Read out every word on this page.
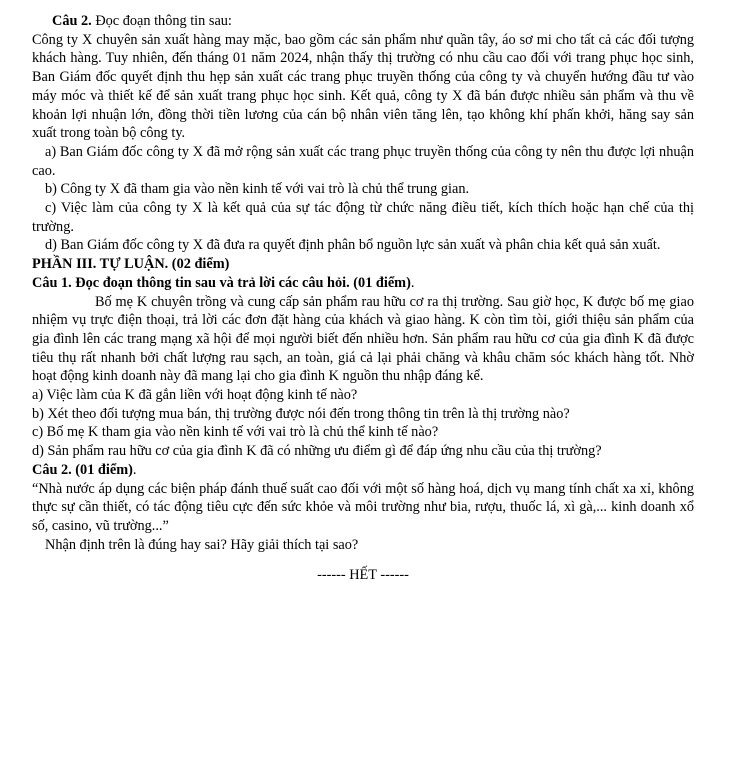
Câu 2. Đọc đoạn thông tin sau:

Công ty X chuyên sản xuất hàng may mặc, bao gồm các sản phẩm như quần tây, áo sơ mi cho tất cả các đối tượng khách hàng. Tuy nhiên, đến tháng 01 năm 2024, nhận thấy thị trường có nhu cầu cao đối với trang phục học sinh, Ban Giám đốc quyết định thu hẹp sản xuất các trang phục truyền thống của công ty và chuyển hướng đầu tư vào máy móc và thiết kế để sản xuất trang phục học sinh. Kết quả, công ty X đã bán được nhiều sản phẩm và thu về khoản lợi nhuận lớn, đồng thời tiền lương của cán bộ nhân viên tăng lên, tạo không khí phấn khởi, hăng say sản xuất trong toàn bộ công ty.

a) Ban Giám đốc công ty X đã mở rộng sản xuất các trang phục truyền thống của công ty nên thu được lợi nhuận cao.

b) Công ty X đã tham gia vào nền kinh tế với vai trò là chủ thể trung gian.

c) Việc làm của công ty X là kết quả của sự tác động từ chức năng điều tiết, kích thích hoặc hạn chế của thị trường.

d) Ban Giám đốc công ty X đã đưa ra quyết định phân bổ nguồn lực sản xuất và phân chia kết quả sản xuất.

PHẦN III. TỰ LUẬN. (02 điểm)

Câu 1. Đọc đoạn thông tin sau và trả lời các câu hỏi. (01 điểm).

Bố mẹ K chuyên trồng và cung cấp sản phẩm rau hữu cơ ra thị trường. Sau giờ học, K được bố mẹ giao nhiệm vụ trực điện thoại, trả lời các đơn đặt hàng của khách và giao hàng. K còn tìm tòi, giới thiệu sản phẩm của gia đình lên các trang mạng xã hội để mọi người biết đến nhiều hơn. Sản phẩm rau hữu cơ của gia đình K đã được tiêu thụ rất nhanh bởi chất lượng rau sạch, an toàn, giá cả lại phải chăng và khâu chăm sóc khách hàng tốt. Nhờ hoạt động kinh doanh này đã mang lại cho gia đình K nguồn thu nhập đáng kể.

a) Việc làm của K đã gắn liền với hoạt động kinh tế nào?

b) Xét theo đối tượng mua bán, thị trường được nói đến trong thông tin trên là thị trường nào?

c) Bố mẹ K tham gia vào nền kinh tế với vai trò là chủ thể kinh tế nào?

d) Sản phẩm rau hữu cơ của gia đình K đã có những ưu điểm gì để đáp ứng nhu cầu của thị trường?

Câu 2. (01 điểm).

“Nhà nước áp dụng các biện pháp đánh thuế suất cao đối với một số hàng hoá, dịch vụ mang tính chất xa xỉ, không thực sự cần thiết, có tác động tiêu cực đến sức khỏe và môi trường như bia, rượu, thuốc lá, xì gà,... kinh doanh xổ số, casino, vũ trường...”

Nhận định trên là đúng hay sai? Hãy giải thích tại sao?

------ HẾT ------
